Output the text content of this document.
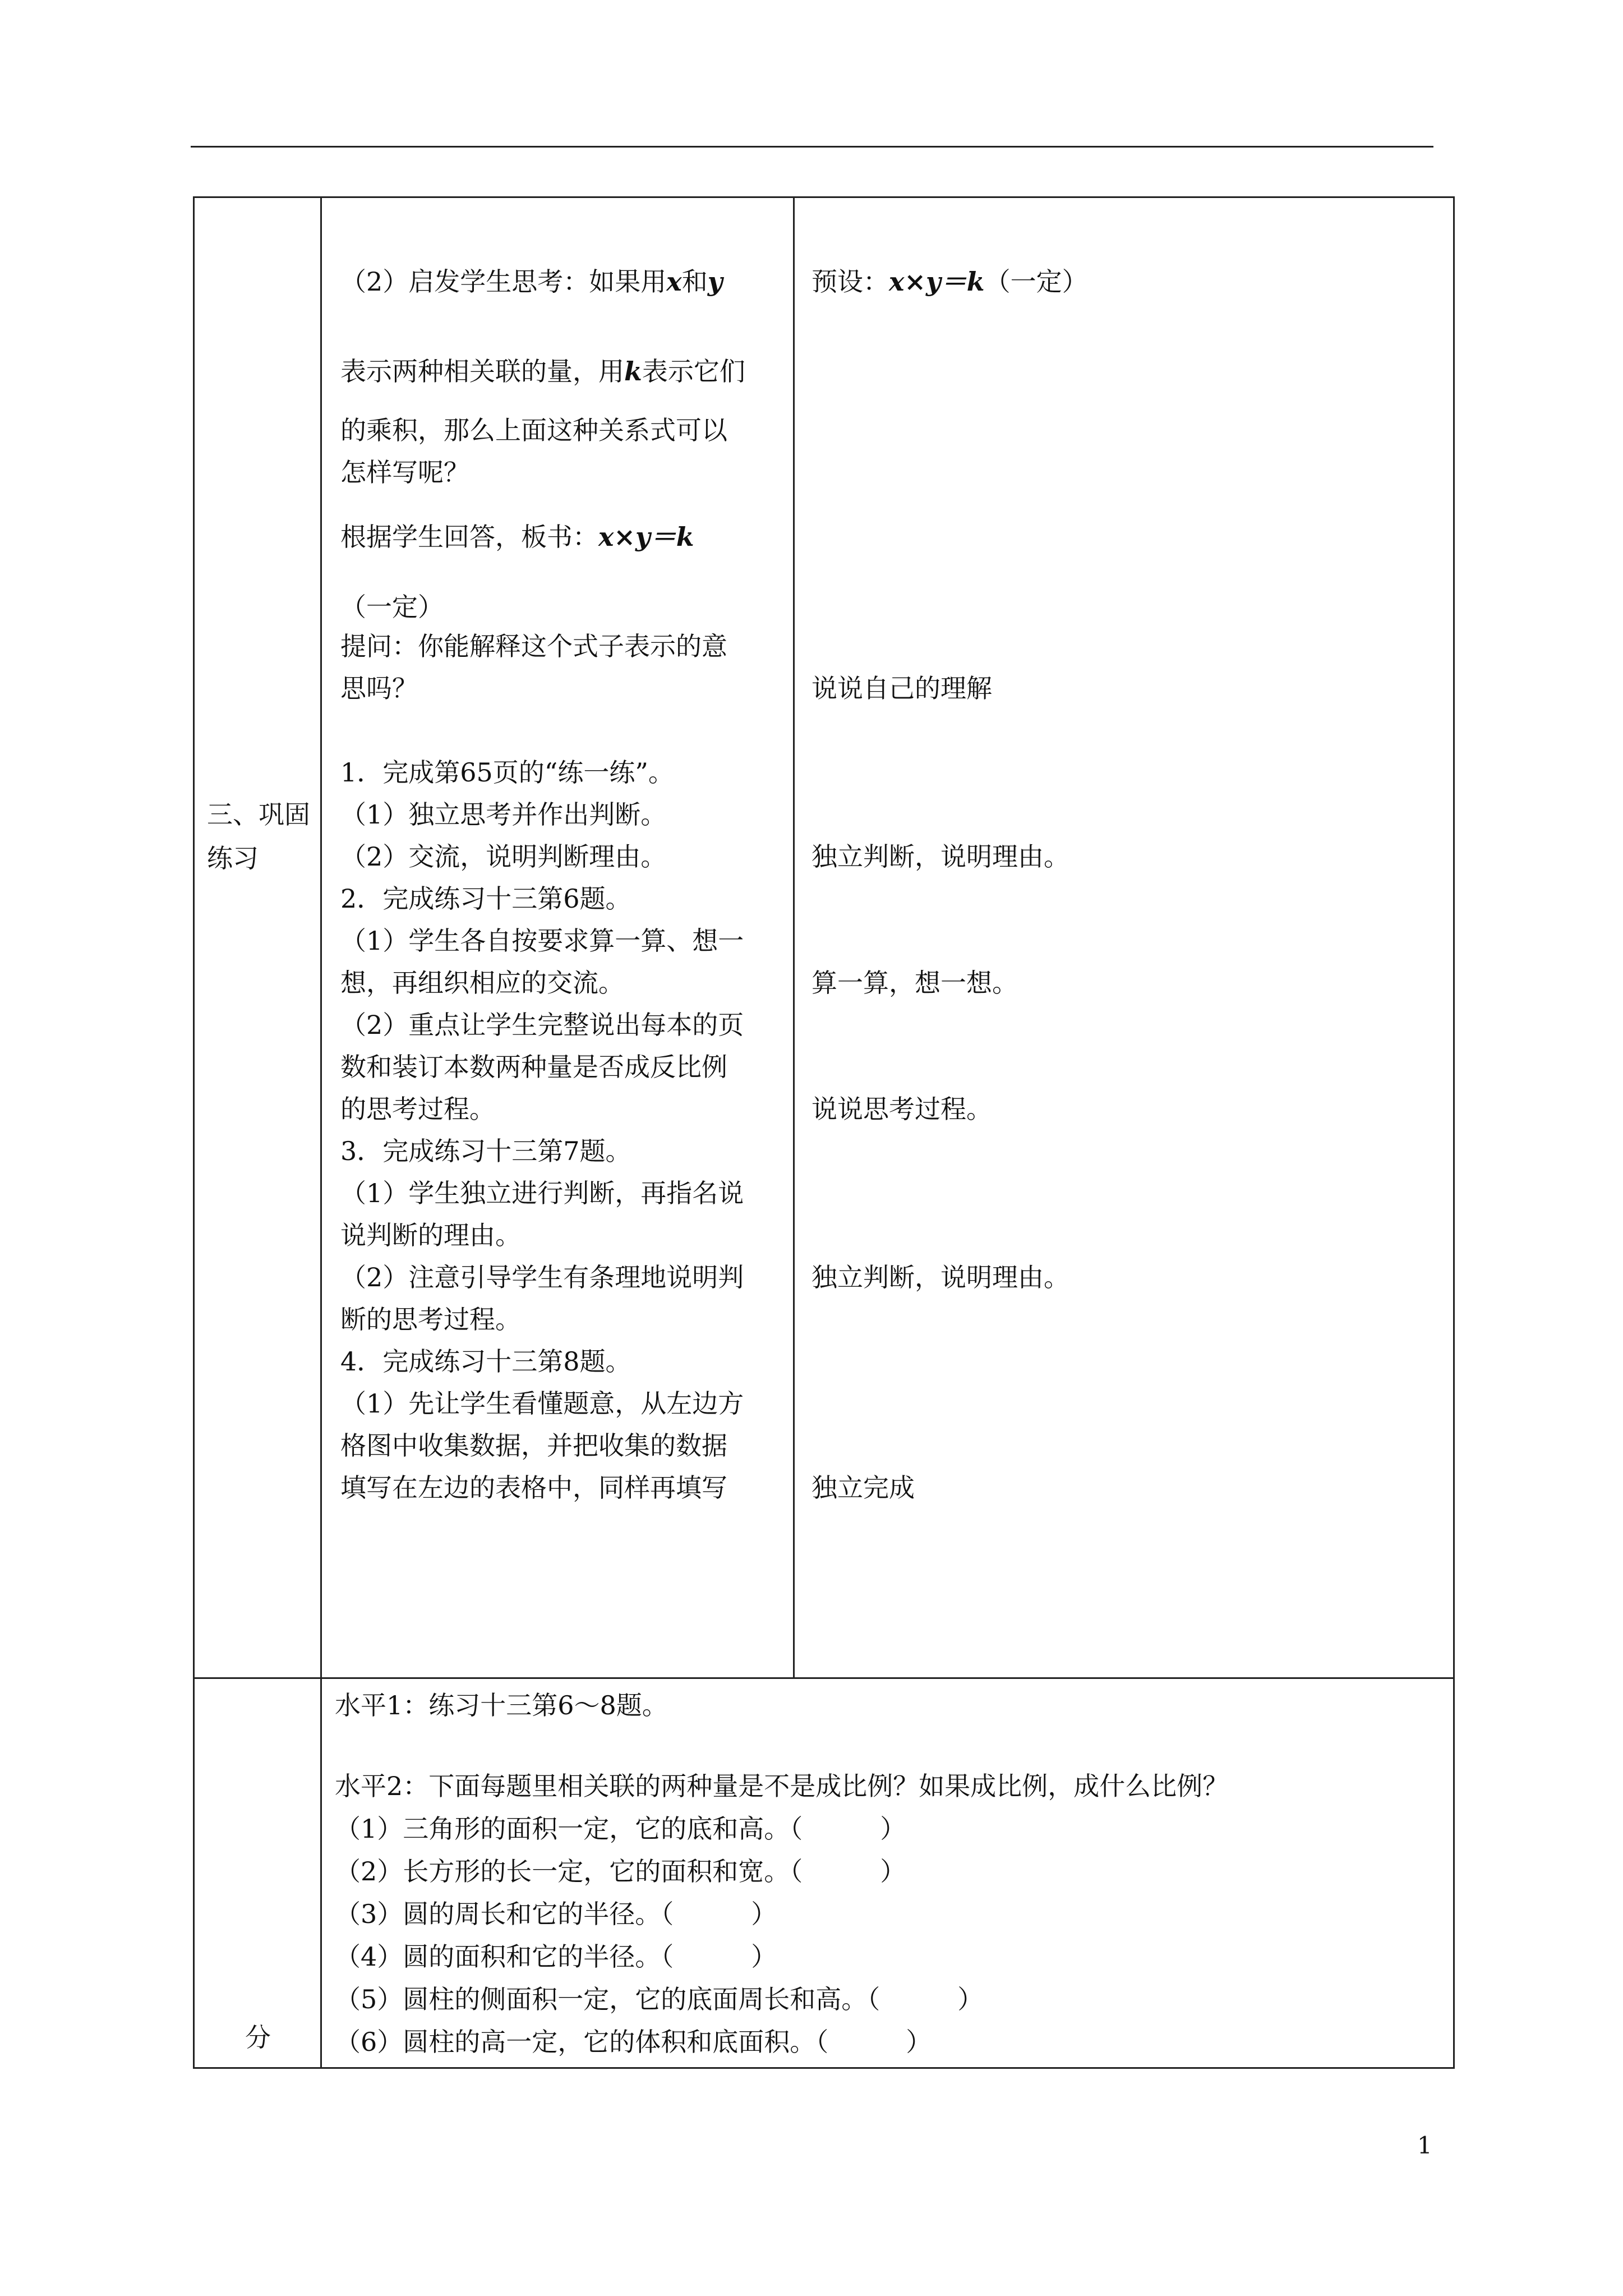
三、巩固练习
（2）启发学生思考：如果用x和y
表示两种相关联的量，用k表示它们
的乘积，那么上面这种关系式可以
怎样写呢？
根据学生回答，板书：x×y＝k
（一定）
提问：你能解释这个式子表示的意
思吗？
1．完成第65页的“练一练”。
（1）独立思考并作出判断。
（2）交流，说明判断理由。
2．完成练习十三第6题。
（1）学生各自按要求算一算、想一
想，再组织相应的交流。
（2）重点让学生完整说出每本的页
数和装订本数两种量是否成反比例
的思考过程。
3．完成练习十三第7题。
（1）学生独立进行判断，再指名说
说判断的理由。
（2）注意引导学生有条理地说明判
断的思考过程。
4．完成练习十三第8题。
（1）先让学生看懂题意，从左边方
格图中收集数据，并把收集的数据
填写在左边的表格中，同样再填写
预设：x×y＝k（一定）
说说自己的理解
独立判断，说明理由。
算一算，想一想。
说说思考过程。
独立判断，说明理由。
独立完成
分
水平1：练习十三第6～8题。
水平2：下面每题里相关联的两种量是不是成比例？如果成比例，成什么比例？
（1）三角形的面积一定，它的底和高。（　　　）
（2）长方形的长一定，它的面积和宽。（　　　）
（3）圆的周长和它的半径。（　　　）
（4）圆的面积和它的半径。（　　　）
（5）圆柱的侧面积一定，它的底面周长和高。（　　　）
（6）圆柱的高一定，它的体积和底面积。（　　　）
1
